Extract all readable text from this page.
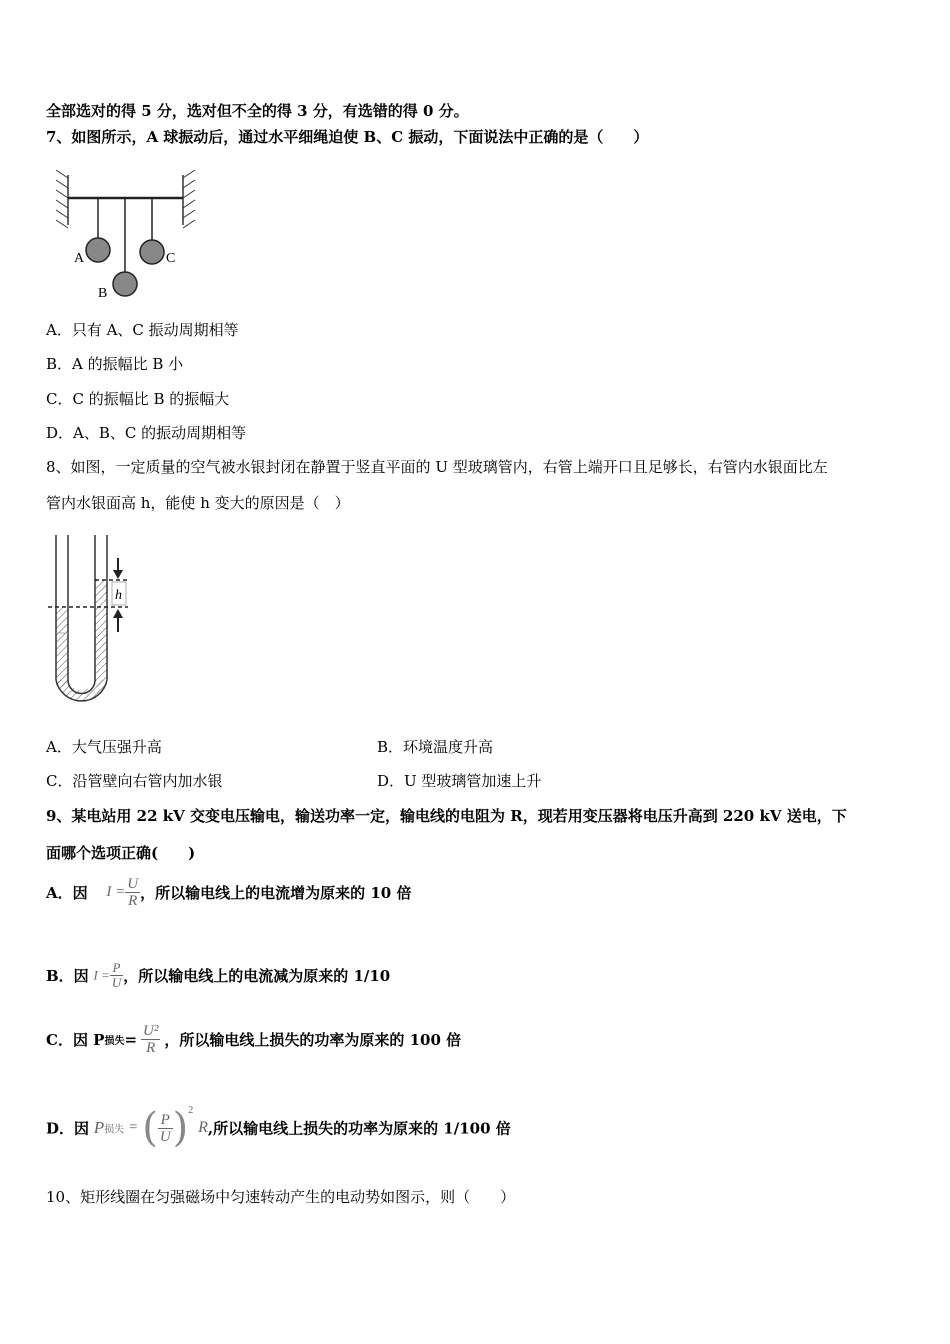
全部选对的得 5 分，选对但不全的得 3 分，有选错的得 0 分。
7、如图所示，A 球振动后，通过水平细绳迫使 B、C 振动，下面说法中正确的是（　　）
A
B
C
A．只有 A、C 振动周期相等
B．A 的振幅比 B 小
C．C 的振幅比 B 的振幅大
D．A、B、C 的振动周期相等
8、如图，一定质量的空气被水银封闭在静置于竖直平面的 U 型玻璃管内，右管上端开口且足够长，右管内水银面比左
管内水银面高 h，能使 h 变大的原因是（　）
h
A．大气压强升高	B．环境温度升高
C．沿管壁向右管内加水银	D．U 型玻璃管加速上升
9、某电站用 22 kV 交变电压输电，输送功率一定，输电线的电阻为 R，现若用变压器将电压升高到 220 kV 送电，下
面哪个选项正确(　　)
A．因 $I = \frac{U}{R}$ ，所以输电线上的电流增为原来的 10 倍
B．因 $I = \frac{P}{U}$ ，所以输电线上的电流减为原来的 1/10
C．因 P损失= $\frac{\text{U²}}{R}$ ，所以输电线上损失的功率为原来的 100 倍
D．因 P损失 = ( $\frac{P}{U} )^2$ R,所以输电线上损失的功率为原来的 1/100 倍
10、矩形线圈在匀强磁场中匀速转动产生的电动势如图示，则（　　）
